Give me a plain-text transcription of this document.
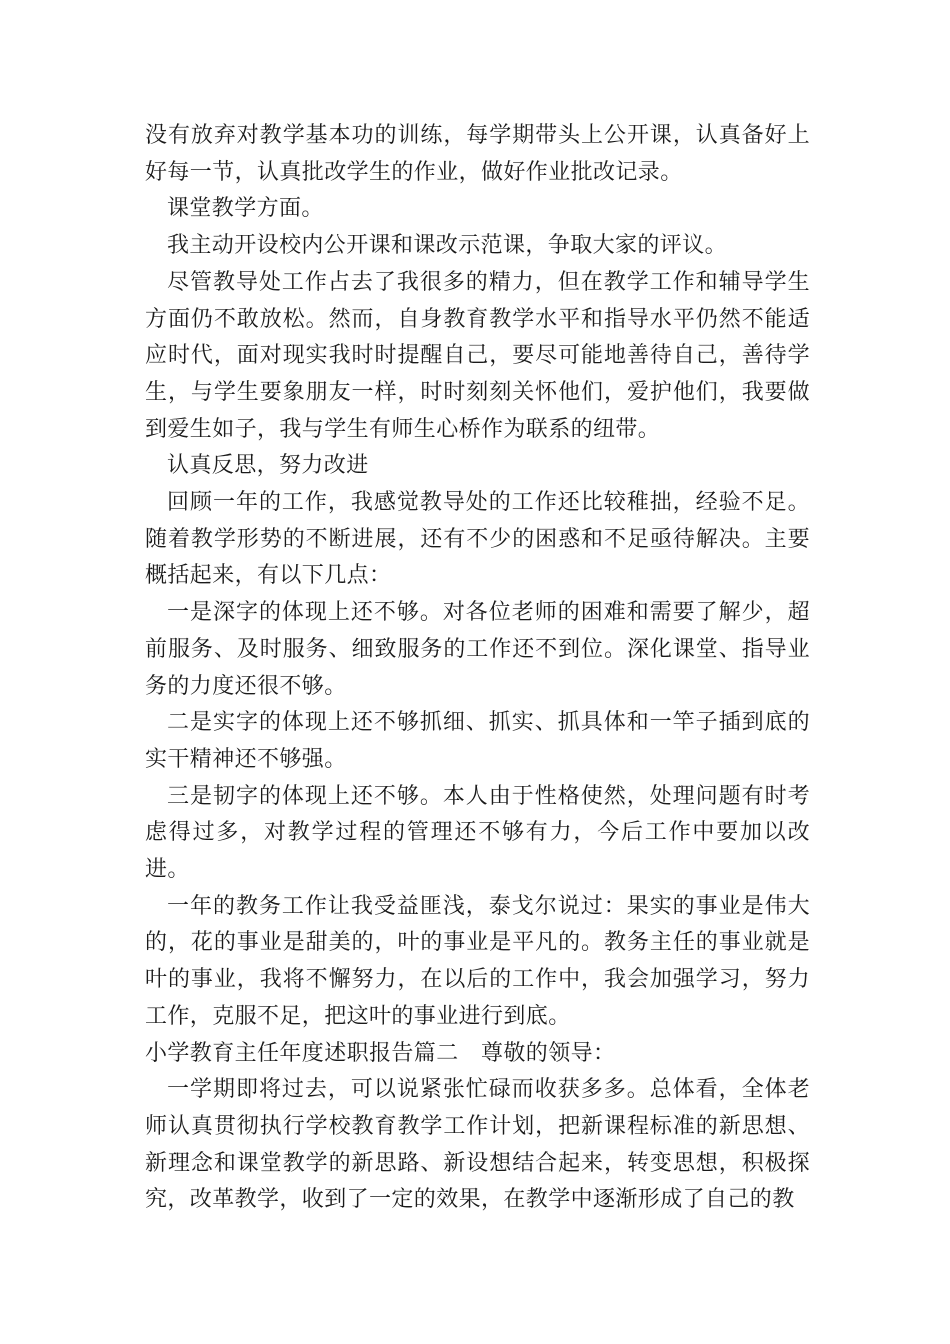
没有放弃对教学基本功的训练，每学期带头上公开课，认真备好上好每一节，认真批改学生的作业，做好作业批改记录。

课堂教学方面。

我主动开设校内公开课和课改示范课，争取大家的评议。

尽管教导处工作占去了我很多的精力，但在教学工作和辅导学生方面仍不敢放松。然而，自身教育教学水平和指导水平仍然不能适应时代，面对现实我时时提醒自己，要尽可能地善待自己，善待学生，与学生要象朋友一样，时时刻刻关怀他们，爱护他们，我要做到爱生如子，我与学生有师生心桥作为联系的纽带。

认真反思，努力改进

回顾一年的工作，我感觉教导处的工作还比较稚拙，经验不足。随着教学形势的不断进展，还有不少的困惑和不足亟待解决。主要概括起来，有以下几点：

一是深字的体现上还不够。对各位老师的困难和需要了解少，超前服务、及时服务、细致服务的工作还不到位。深化课堂、指导业务的力度还很不够。

二是实字的体现上还不够抓细、抓实、抓具体和一竿子插到底的实干精神还不够强。

三是韧字的体现上还不够。本人由于性格使然，处理问题有时考虑得过多，对教学过程的管理还不够有力，今后工作中要加以改进。

一年的教务工作让我受益匪浅，泰戈尔说过：果实的事业是伟大的，花的事业是甜美的，叶的事业是平凡的。教务主任的事业就是叶的事业，我将不懈努力，在以后的工作中，我会加强学习，努力工作，克服不足，把这叶的事业进行到底。

小学教育主任年度述职报告篇二　尊敬的领导：

一学期即将过去，可以说紧张忙碌而收获多多。总体看，全体老师认真贯彻执行学校教育教学工作计划，把新课程标准的新思想、新理念和课堂教学的新思路、新设想结合起来，转变思想，积极探究，改革教学，收到了一定的效果，在教学中逐渐形成了自己的教
